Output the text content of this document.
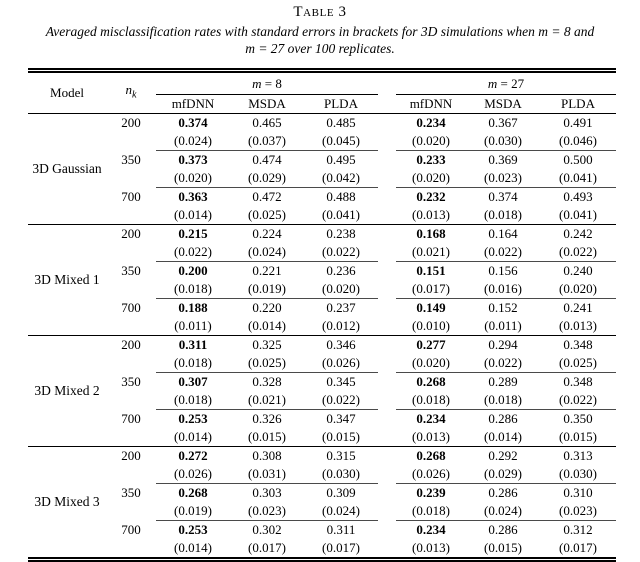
Table 3
Averaged misclassification rates with standard errors in brackets for 3D simulations when m = 8 and
m = 27 over 100 replicates.
Model	$n_k$	m = 8				m = 27		
		mfDNN	MSDA	PLDA		mfDNN	MSDA	PLDA
3D Gaussian	200	0.374	0.465	0.485		0.234	0.367	0.491
		(0.024)	(0.037)	(0.045)		(0.020)	(0.030)	(0.046)
	350	0.373	0.474	0.495		0.233	0.369	0.500
		(0.020)	(0.029)	(0.042)		(0.020)	(0.023)	(0.041)
	700	0.363	0.472	0.488		0.232	0.374	0.493
		(0.014)	(0.025)	(0.041)		(0.013)	(0.018)	(0.041)
3D Mixed 1	200	0.215	0.224	0.238		0.168	0.164	0.242
		(0.022)	(0.024)	(0.022)		(0.021)	(0.022)	(0.022)
	350	0.200	0.221	0.236		0.151	0.156	0.240
		(0.018)	(0.019)	(0.020)		(0.017)	(0.016)	(0.020)
	700	0.188	0.220	0.237		0.149	0.152	0.241
		(0.011)	(0.014)	(0.012)		(0.010)	(0.011)	(0.013)
3D Mixed 2	200	0.311	0.325	0.346		0.277	0.294	0.348
		(0.018)	(0.025)	(0.026)		(0.020)	(0.022)	(0.025)
	350	0.307	0.328	0.345		0.268	0.289	0.348
		(0.018)	(0.021)	(0.022)		(0.018)	(0.018)	(0.022)
	700	0.253	0.326	0.347		0.234	0.286	0.350
		(0.014)	(0.015)	(0.015)		(0.013)	(0.014)	(0.015)
3D Mixed 3	200	0.272	0.308	0.315		0.268	0.292	0.313
		(0.026)	(0.031)	(0.030)		(0.026)	(0.029)	(0.030)
	350	0.268	0.303	0.309		0.239	0.286	0.310
		(0.019)	(0.023)	(0.024)		(0.018)	(0.024)	(0.023)
	700	0.253	0.302	0.311		0.234	0.286	0.312
		(0.014)	(0.017)	(0.017)		(0.013)	(0.015)	(0.017)
